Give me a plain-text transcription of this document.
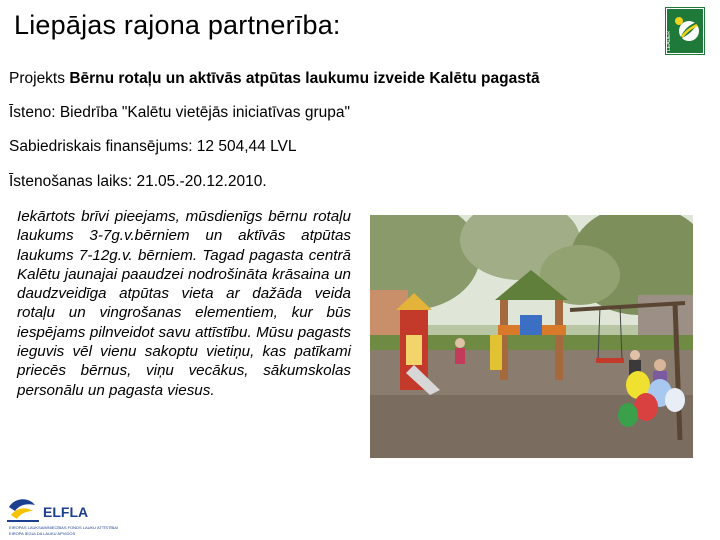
Liepājas rajona partnerība:
LEADER
Projekts Bērnu rotaļu un aktīvās atpūtas laukumu izveide Kalētu pagastā
Īsteno: Biedrība "Kalētu vietējās iniciatīvas grupa"
Sabiedriskais finansējums: 12 504,44 LVL
Īstenošanas laiks: 21.05.-20.12.2010.
Iekārtots brīvi pieejams, mūsdienīgs bērnu rotaļu laukums 3-7g.v.bērniem un aktīvās atpūtas laukums 7-12g.v. bērniem. Tagad pagasta centrā Kalētu jaunajai paaudzei nodrošināta krāsaina un daudzveidīga atpūtas vieta ar dažāda veida rotaļu un vingrošanas elementiem, kur būs iespējams pilnveidot savu attīstību. Mūsu pagasts ieguvis vēl vienu sakoptu vietiņu, kas patīkami priecēs bērnus, viņu vecākus, sākumskolas personālu un pagasta viesus.
ELFLA
EIROPAS LAUKSAIMNIECĪBAS FONDS LAUKU ATTĪSTĪBAI
EIROPA IEGULDA LAUKU APVIDOS
